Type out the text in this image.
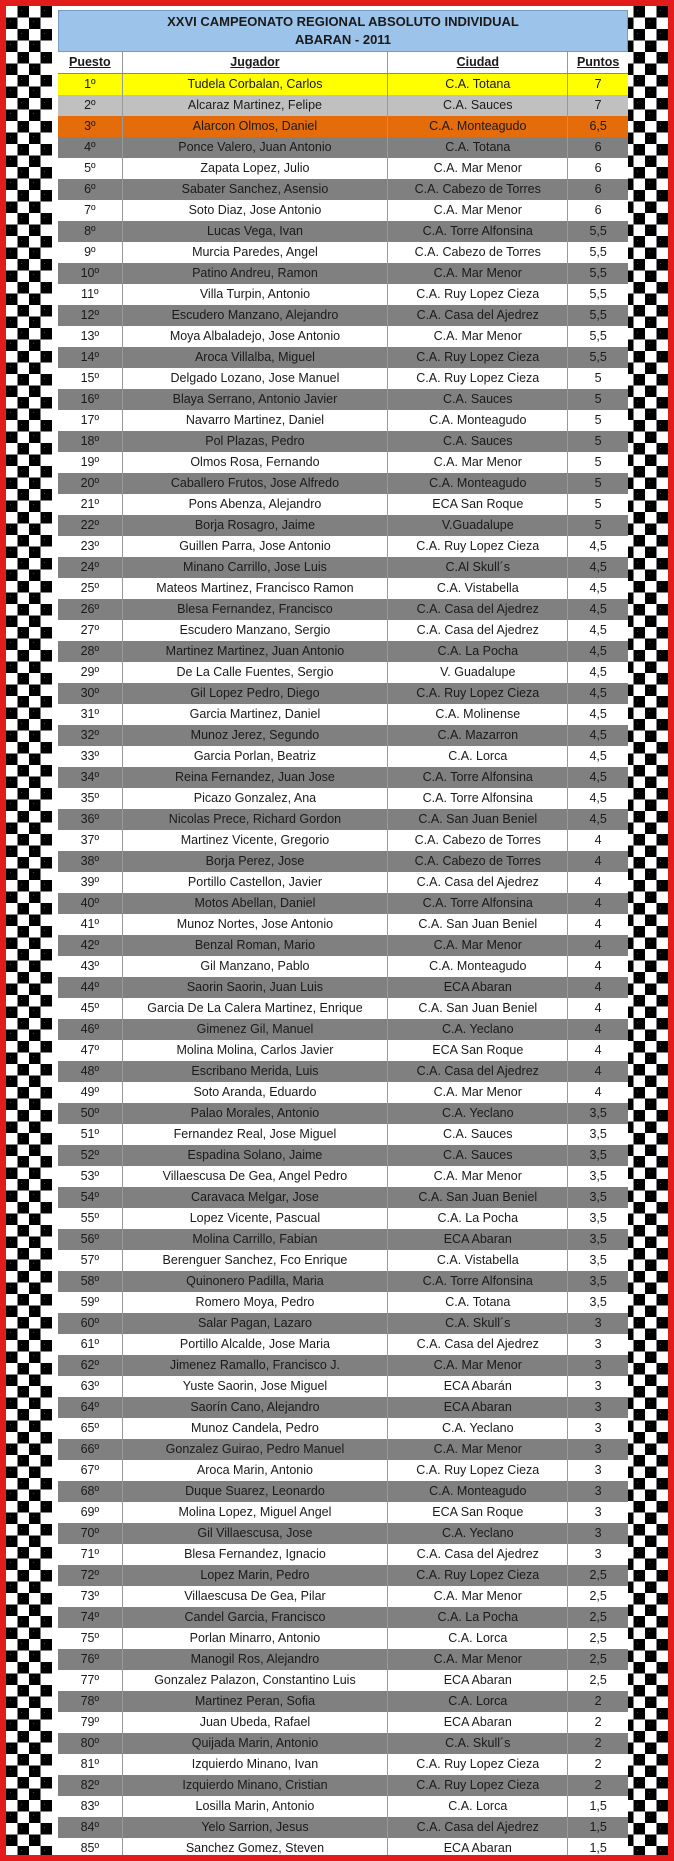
XXVI CAMPEONATO REGIONAL ABSOLUTO INDIVIDUAL
ABARAN - 2011
Puesto	Jugador	Ciudad	Puntos
1º	Tudela Corbalan, Carlos	C.A. Totana	7
2º	Alcaraz Martinez, Felipe	C.A. Sauces	7
3º	Alarcon Olmos, Daniel	C.A. Monteagudo	6,5
4º	Ponce Valero, Juan Antonio	C.A. Totana	6
5º	Zapata Lopez, Julio	C.A. Mar Menor	6
6º	Sabater Sanchez, Asensio	C.A. Cabezo de Torres	6
7º	Soto Diaz, Jose Antonio	C.A. Mar Menor	6
8º	Lucas Vega, Ivan	C.A. Torre Alfonsina	5,5
9º	Murcia Paredes, Angel	C.A. Cabezo de Torres	5,5
10º	Patino Andreu, Ramon	C.A. Mar Menor	5,5
11º	Villa Turpin, Antonio	C.A. Ruy Lopez Cieza	5,5
12º	Escudero Manzano, Alejandro	C.A. Casa del Ajedrez	5,5
13º	Moya Albaladejo, Jose Antonio	C.A. Mar Menor	5,5
14º	Aroca Villalba, Miguel	C.A. Ruy Lopez Cieza	5,5
15º	Delgado Lozano, Jose Manuel	C.A. Ruy Lopez Cieza	5
16º	Blaya Serrano, Antonio Javier	C.A. Sauces	5
17º	Navarro Martinez, Daniel	C.A. Monteagudo	5
18º	Pol Plazas, Pedro	C.A. Sauces	5
19º	Olmos Rosa, Fernando	C.A. Mar Menor	5
20º	Caballero Frutos, Jose Alfredo	C.A. Monteagudo	5
21º	Pons Abenza, Alejandro	ECA San Roque	5
22º	Borja Rosagro, Jaime	V.Guadalupe	5
23º	Guillen Parra, Jose Antonio	C.A. Ruy Lopez Cieza	4,5
24º	Minano Carrillo, Jose Luis	C.Al Skull´s	4,5
25º	Mateos Martinez, Francisco Ramon	C.A. Vistabella	4,5
26º	Blesa Fernandez, Francisco	C.A. Casa del Ajedrez	4,5
27º	Escudero Manzano, Sergio	C.A. Casa del Ajedrez	4,5
28º	Martinez Martinez, Juan Antonio	C.A. La Pocha	4,5
29º	De La Calle Fuentes, Sergio	V. Guadalupe	4,5
30º	Gil Lopez Pedro, Diego	C.A. Ruy Lopez Cieza	4,5
31º	Garcia Martinez, Daniel	C.A. Molinense	4,5
32º	Munoz Jerez, Segundo	C.A. Mazarron	4,5
33º	Garcia Porlan, Beatriz	C.A. Lorca	4,5
34º	Reina Fernandez, Juan Jose	C.A. Torre Alfonsina	4,5
35º	Picazo Gonzalez, Ana	C.A. Torre Alfonsina	4,5
36º	Nicolas Prece, Richard Gordon	C.A. San Juan Beniel	4,5
37º	Martinez Vicente, Gregorio	C.A. Cabezo de Torres	4
38º	Borja Perez, Jose	C.A. Cabezo de Torres	4
39º	Portillo Castellon, Javier	C.A. Casa del Ajedrez	4
40º	Motos Abellan, Daniel	C.A. Torre Alfonsina	4
41º	Munoz Nortes, Jose Antonio	C.A. San Juan Beniel	4
42º	Benzal Roman, Mario	C.A. Mar Menor	4
43º	Gil Manzano, Pablo	C.A. Monteagudo	4
44º	Saorin Saorin, Juan Luis	ECA Abaran	4
45º	Garcia De La Calera Martinez, Enrique	C.A. San Juan Beniel	4
46º	Gimenez Gil, Manuel	C.A. Yeclano	4
47º	Molina Molina, Carlos Javier	ECA San Roque	4
48º	Escribano Merida, Luis	C.A. Casa del Ajedrez	4
49º	Soto Aranda, Eduardo	C.A. Mar Menor	4
50º	Palao Morales, Antonio	C.A. Yeclano	3,5
51º	Fernandez Real, Jose Miguel	C.A. Sauces	3,5
52º	Espadina Solano, Jaime	C.A. Sauces	3,5
53º	Villaescusa De Gea, Angel Pedro	C.A. Mar Menor	3,5
54º	Caravaca Melgar, Jose	C.A. San Juan Beniel	3,5
55º	Lopez Vicente, Pascual	C.A. La Pocha	3,5
56º	Molina Carrillo, Fabian	ECA Abaran	3,5
57º	Berenguer Sanchez, Fco Enrique	C.A. Vistabella	3,5
58º	Quinonero Padilla, Maria	C.A. Torre Alfonsina	3,5
59º	Romero Moya, Pedro	C.A. Totana	3,5
60º	Salar Pagan, Lazaro	C.A. Skull´s	3
61º	Portillo Alcalde, Jose Maria	C.A. Casa del Ajedrez	3
62º	Jimenez Ramallo, Francisco J.	C.A. Mar Menor	3
63º	Yuste Saorin, Jose Miguel	ECA Abarán	3
64º	Saorín Cano, Alejandro	ECA Abaran	3
65º	Munoz Candela, Pedro	C.A. Yeclano	3
66º	Gonzalez Guirao, Pedro Manuel	C.A. Mar Menor	3
67º	Aroca Marin, Antonio	C.A. Ruy Lopez Cieza	3
68º	Duque Suarez, Leonardo	C.A. Monteagudo	3
69º	Molina Lopez, Miguel Angel	ECA San Roque	3
70º	Gil Villaescusa, Jose	C.A. Yeclano	3
71º	Blesa Fernandez, Ignacio	C.A. Casa del Ajedrez	3
72º	Lopez Marin, Pedro	C.A. Ruy Lopez Cieza	2,5
73º	Villaescusa De Gea, Pilar	C.A. Mar Menor	2,5
74º	Candel Garcia, Francisco	C.A. La Pocha	2,5
75º	Porlan Minarro, Antonio	C.A. Lorca	2,5
76º	Manogil Ros, Alejandro	C.A. Mar Menor	2,5
77º	Gonzalez Palazon, Constantino Luis	ECA Abaran	2,5
78º	Martinez Peran, Sofia	C.A. Lorca	2
79º	Juan Ubeda, Rafael	ECA Abaran	2
80º	Quijada Marin, Antonio	C.A. Skull´s	2
81º	Izquierdo Minano, Ivan	C.A. Ruy Lopez Cieza	2
82º	Izquierdo Minano, Cristian	C.A. Ruy Lopez Cieza	2
83º	Losilla Marin, Antonio	C.A. Lorca	1,5
84º	Yelo Sarrion, Jesus	C.A. Casa del Ajedrez	1,5
85º	Sanchez Gomez, Steven	ECA Abaran	1,5
